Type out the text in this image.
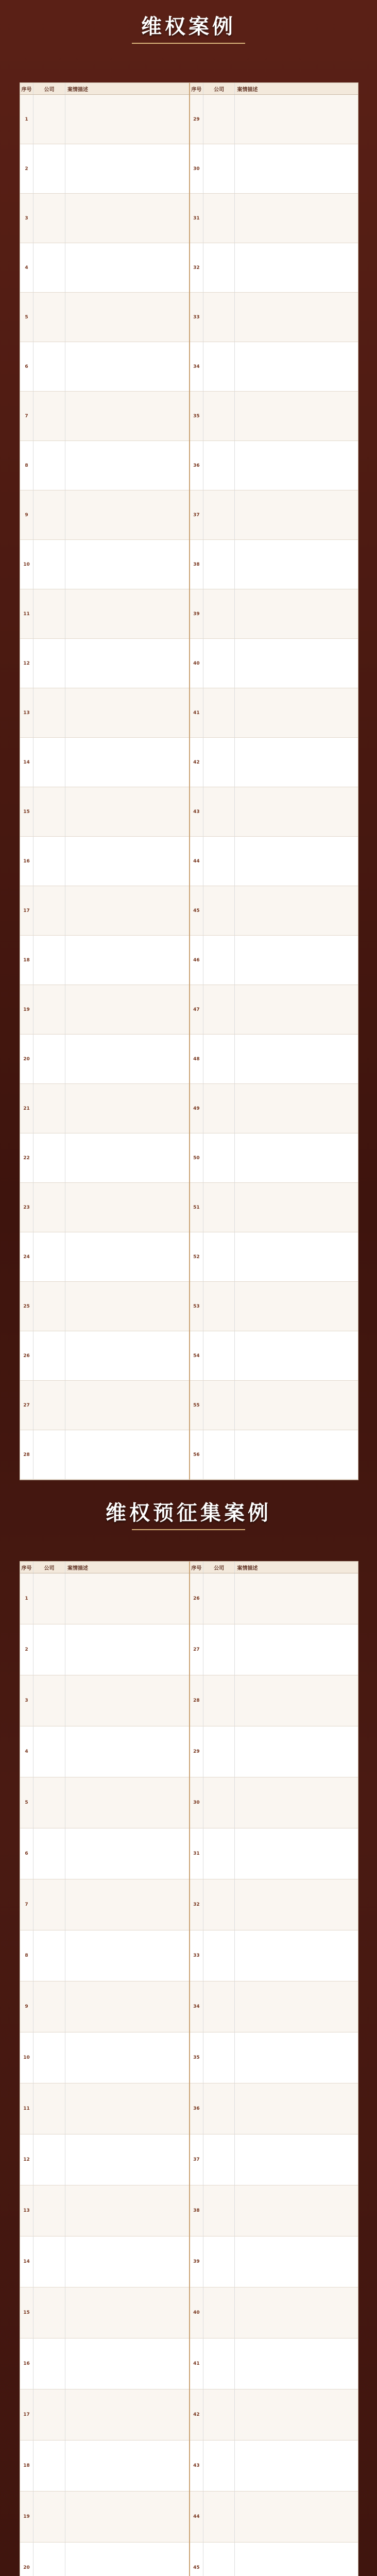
维权案例
序号	公司	案情描述
1
2
3
4
5
6
7
8
9
10
11
12
13
14
15
16
17
18
19
20
21
22
23
24
25
26
27
28
序号	公司	案情描述
29
30
31
32
33
34
35
36
37
38
39
40
41
42
43
44
45
46
47
48
49
50
51
52
53
54
55
56
维权预征集案例
序号	公司	案情描述
1
2
3
4
5
6
7
8
9
10
11
12
13
14
15
16
17
18
19
20
序号	公司	案情描述
26
27
28
29
30
31
32
33
34
35
36
37
38
39
40
41
42
43
44
45
